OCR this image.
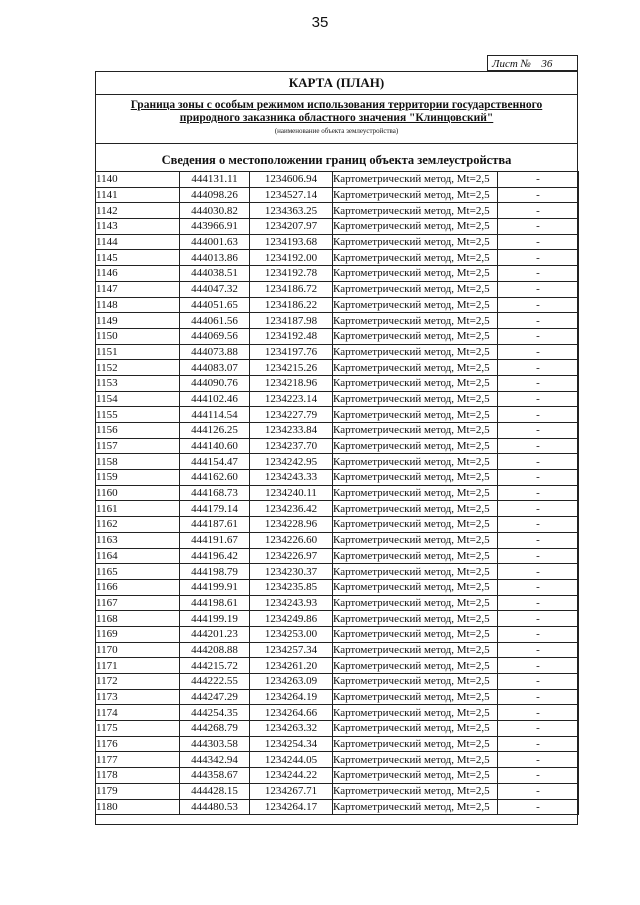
35
Лист № 36
КАРТА (ПЛАН)
Граница зоны с особым режимом использования территории государственного природного заказника областного значения "Клинцовский"
(наименование объекта землеустройства)
Сведения о местоположении границ объекта землеустройства
1140	444131.11	1234606.94	Картометрический метод, Mt=2,5	-
1141	444098.26	1234527.14	Картометрический метод, Mt=2,5	-
1142	444030.82	1234363.25	Картометрический метод, Mt=2,5	-
1143	443966.91	1234207.97	Картометрический метод, Mt=2,5	-
1144	444001.63	1234193.68	Картометрический метод, Mt=2,5	-
1145	444013.86	1234192.00	Картометрический метод, Mt=2,5	-
1146	444038.51	1234192.78	Картометрический метод, Mt=2,5	-
1147	444047.32	1234186.72	Картометрический метод, Mt=2,5	-
1148	444051.65	1234186.22	Картометрический метод, Mt=2,5	-
1149	444061.56	1234187.98	Картометрический метод, Mt=2,5	-
1150	444069.56	1234192.48	Картометрический метод, Mt=2,5	-
1151	444073.88	1234197.76	Картометрический метод, Mt=2,5	-
1152	444083.07	1234215.26	Картометрический метод, Mt=2,5	-
1153	444090.76	1234218.96	Картометрический метод, Mt=2,5	-
1154	444102.46	1234223.14	Картометрический метод, Mt=2,5	-
1155	444114.54	1234227.79	Картометрический метод, Mt=2,5	-
1156	444126.25	1234233.84	Картометрический метод, Mt=2,5	-
1157	444140.60	1234237.70	Картометрический метод, Mt=2,5	-
1158	444154.47	1234242.95	Картометрический метод, Mt=2,5	-
1159	444162.60	1234243.33	Картометрический метод, Mt=2,5	-
1160	444168.73	1234240.11	Картометрический метод, Mt=2,5	-
1161	444179.14	1234236.42	Картометрический метод, Mt=2,5	-
1162	444187.61	1234228.96	Картометрический метод, Mt=2,5	-
1163	444191.67	1234226.60	Картометрический метод, Mt=2,5	-
1164	444196.42	1234226.97	Картометрический метод, Mt=2,5	-
1165	444198.79	1234230.37	Картометрический метод, Mt=2,5	-
1166	444199.91	1234235.85	Картометрический метод, Mt=2,5	-
1167	444198.61	1234243.93	Картометрический метод, Mt=2,5	-
1168	444199.19	1234249.86	Картометрический метод, Mt=2,5	-
1169	444201.23	1234253.00	Картометрический метод, Mt=2,5	-
1170	444208.88	1234257.34	Картометрический метод, Mt=2,5	-
1171	444215.72	1234261.20	Картометрический метод, Mt=2,5	-
1172	444222.55	1234263.09	Картометрический метод, Mt=2,5	-
1173	444247.29	1234264.19	Картометрический метод, Mt=2,5	-
1174	444254.35	1234264.66	Картометрический метод, Mt=2,5	-
1175	444268.79	1234263.32	Картометрический метод, Mt=2,5	-
1176	444303.58	1234254.34	Картометрический метод, Mt=2,5	-
1177	444342.94	1234244.05	Картометрический метод, Mt=2,5	-
1178	444358.67	1234244.22	Картометрический метод, Mt=2,5	-
1179	444428.15	1234267.71	Картометрический метод, Mt=2,5	-
1180	444480.53	1234264.17	Картометрический метод, Mt=2,5	-
